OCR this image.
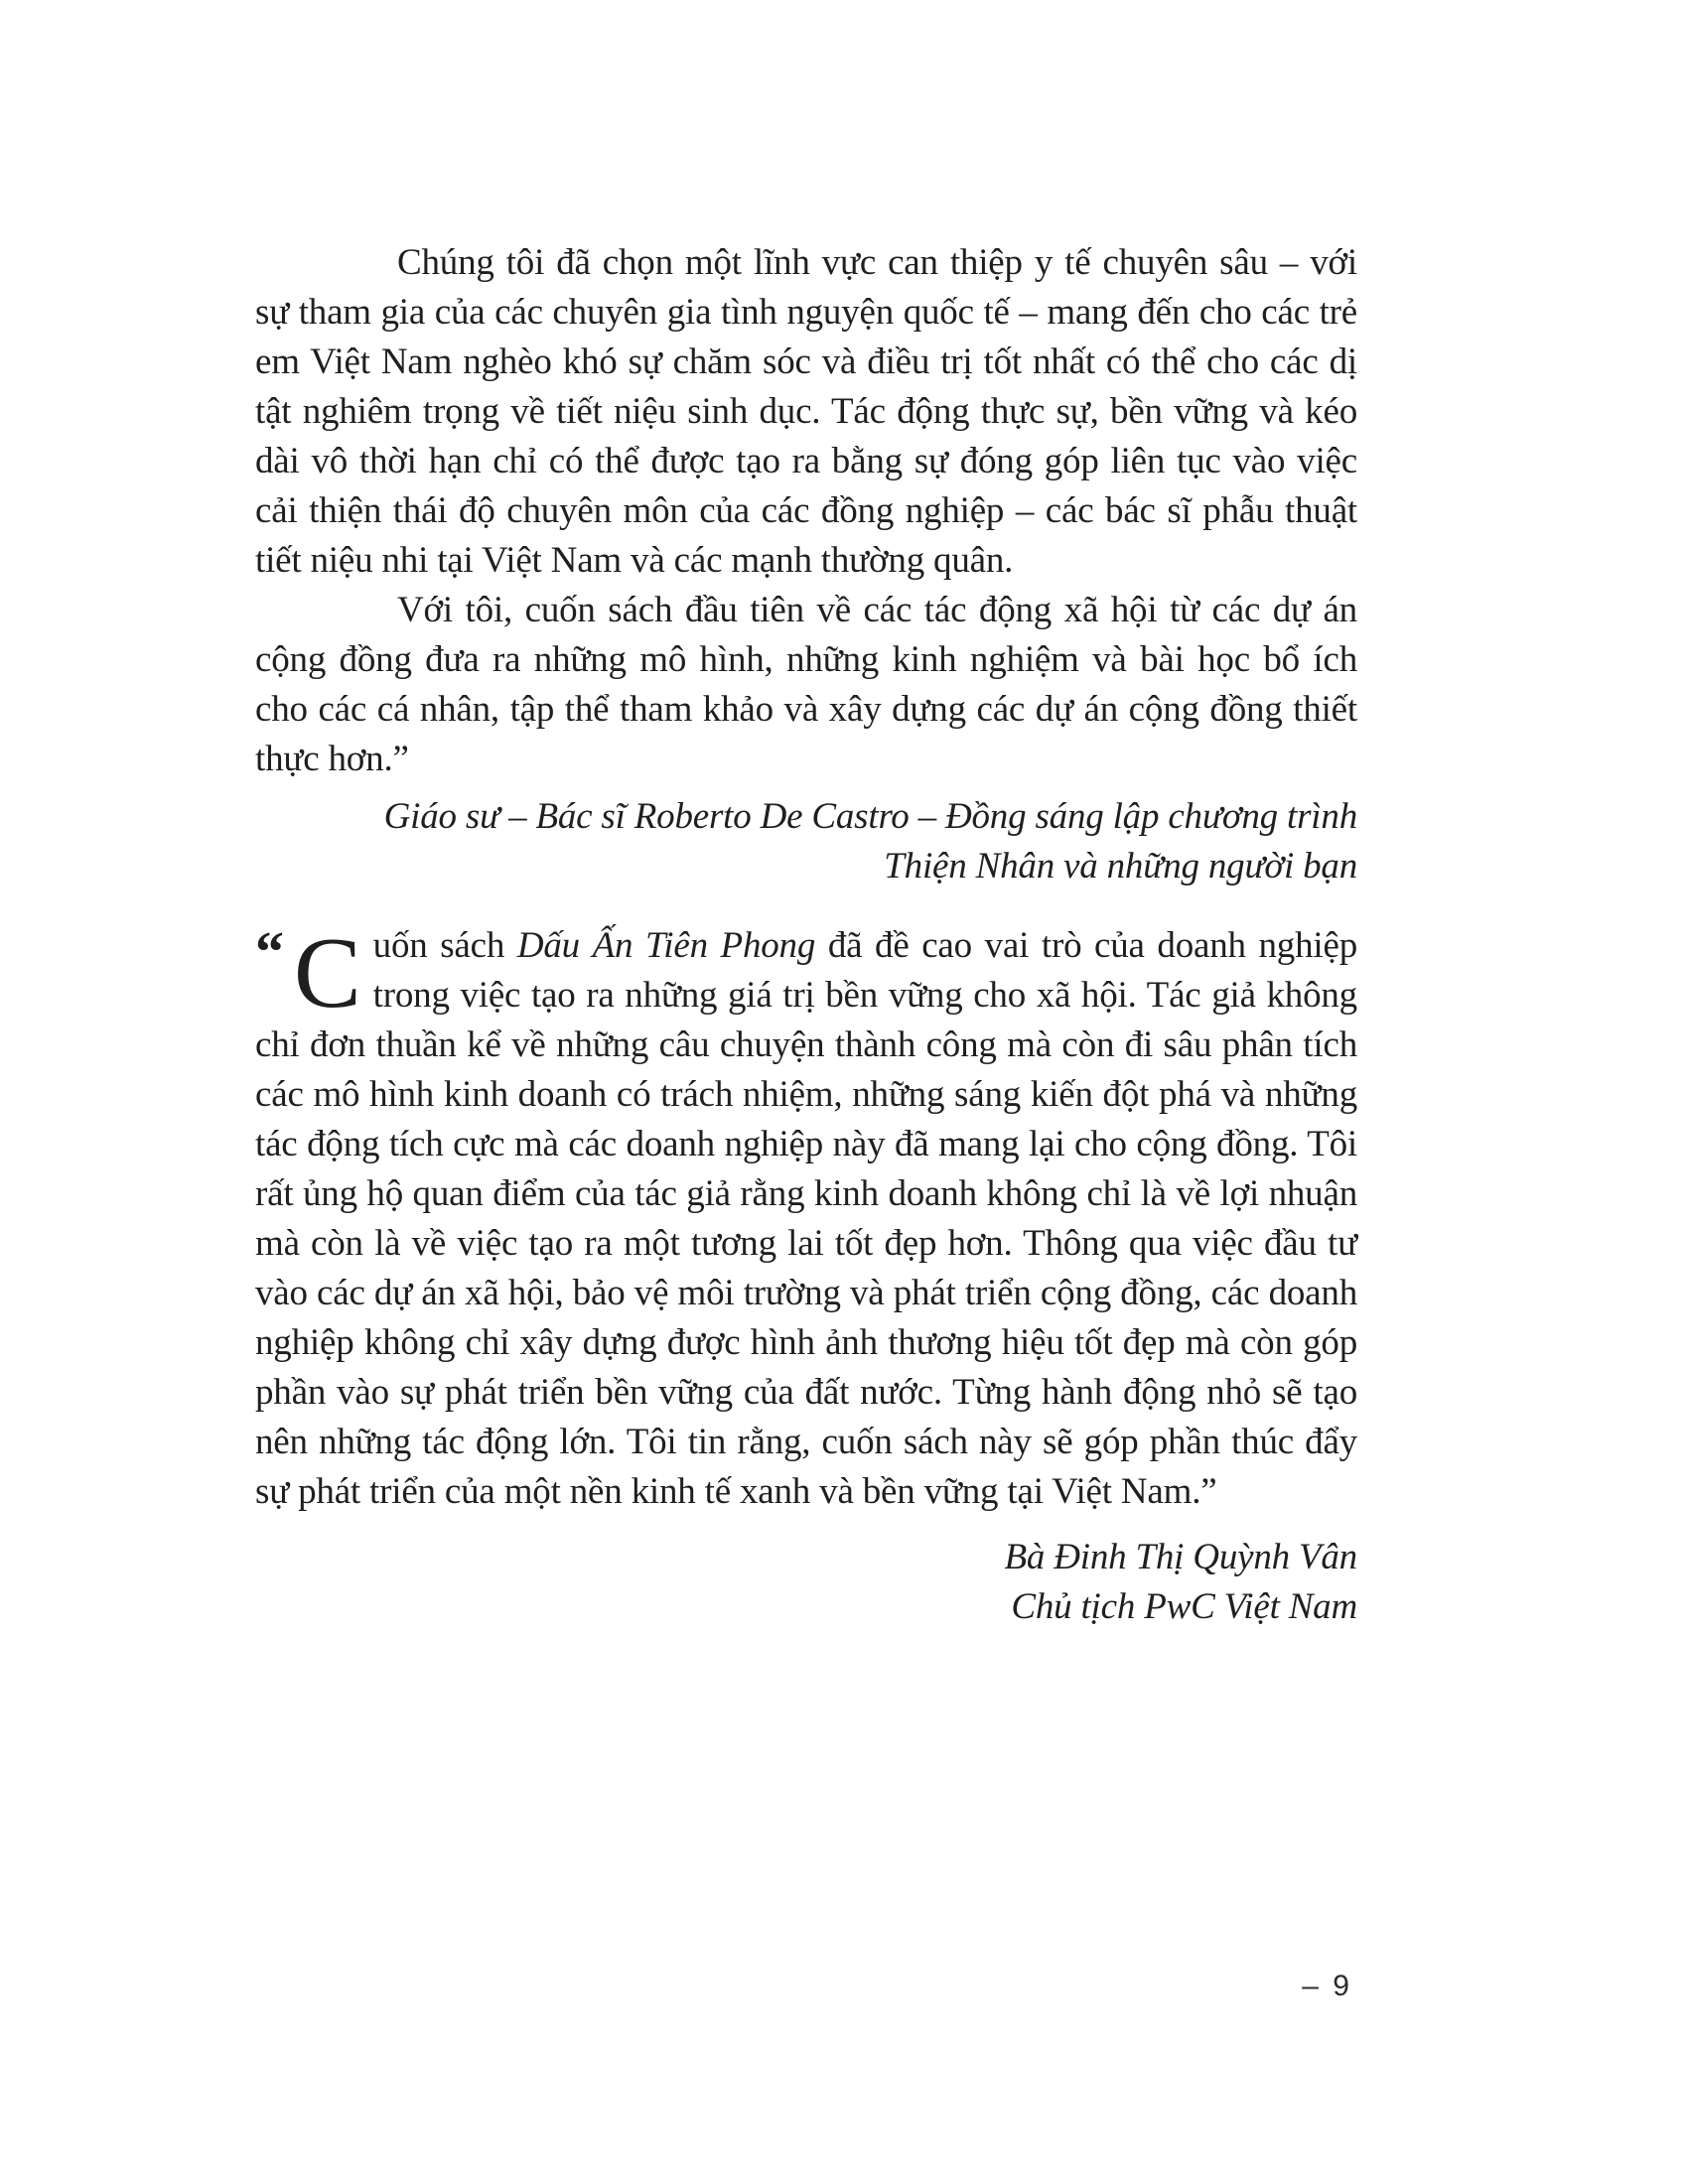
Chúng tôi đã chọn một lĩnh vực can thiệp y tế chuyên sâu – với sự tham gia của các chuyên gia tình nguyện quốc tế – mang đến cho các trẻ em Việt Nam nghèo khó sự chăm sóc và điều trị tốt nhất có thể cho các dị tật nghiêm trọng về tiết niệu sinh dục. Tác động thực sự, bền vững và kéo dài vô thời hạn chỉ có thể được tạo ra bằng sự đóng góp liên tục vào việc cải thiện thái độ chuyên môn của các đồng nghiệp – các bác sĩ phẫu thuật tiết niệu nhi tại Việt Nam và các mạnh thường quân.

Với tôi, cuốn sách đầu tiên về các tác động xã hội từ các dự án cộng đồng đưa ra những mô hình, những kinh nghiệm và bài học bổ ích cho các cá nhân, tập thể tham khảo và xây dựng các dự án cộng đồng thiết thực hơn.”

Giáo sư – Bác sĩ Roberto De Castro – Đồng sáng lập chương trình
Thiện Nhân và những người bạn

“ C uốn sách Dấu Ấn Tiên Phong đã đề cao vai trò của doanh nghiệp trong việc tạo ra những giá trị bền vững cho xã hội. Tác giả không chỉ đơn thuần kể về những câu chuyện thành công mà còn đi sâu phân tích các mô hình kinh doanh có trách nhiệm, những sáng kiến đột phá và những tác động tích cực mà các doanh nghiệp này đã mang lại cho cộng đồng. Tôi rất ủng hộ quan điểm của tác giả rằng kinh doanh không chỉ là về lợi nhuận mà còn là về việc tạo ra một tương lai tốt đẹp hơn. Thông qua việc đầu tư vào các dự án xã hội, bảo vệ môi trường và phát triển cộng đồng, các doanh nghiệp không chỉ xây dựng được hình ảnh thương hiệu tốt đẹp mà còn góp phần vào sự phát triển bền vững của đất nước. Từng hành động nhỏ sẽ tạo nên những tác động lớn. Tôi tin rằng, cuốn sách này sẽ góp phần thúc đẩy sự phát triển của một nền kinh tế xanh và bền vững tại Việt Nam.”

Bà Đinh Thị Quỳnh Vân
Chủ tịch PwC Việt Nam

– 9
